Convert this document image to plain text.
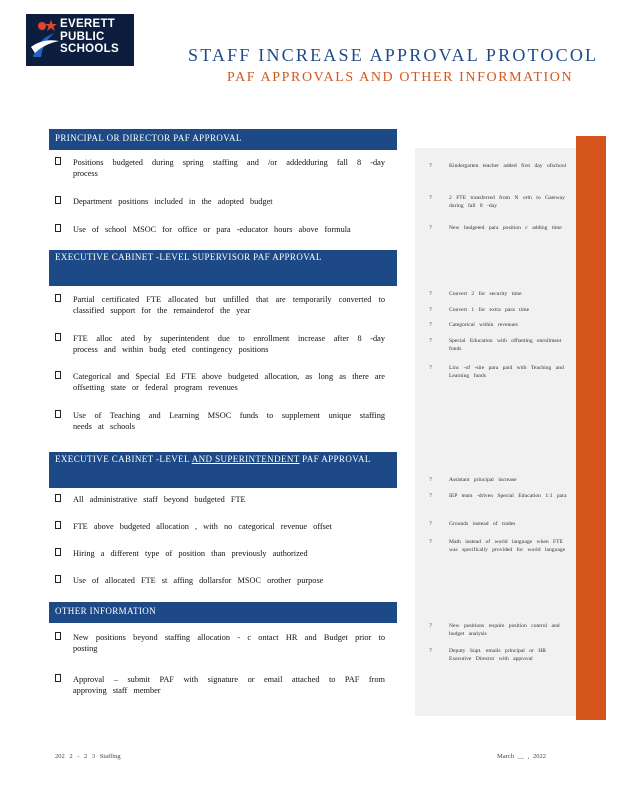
EVERETT
PUBLIC
SCHOOLS	STAFF INCREASE APPROVAL PROTOCOL
PAF APPROVALS AND OTHER INFORMATION
PRINCIPAL OR DIRECTOR PAF APPROVAL
Positions budgeted during spring staffing and /or addedduring fall 8 -day process
Department positions included in the adopted budget
Use of school MSOC for office or para -educator hours above formula
EXECUTIVE CABINET -LEVEL SUPERVISOR PAF APPROVAL
Partial certificated FTE allocated but unfilled that are temporarily converted to classified support for the remainderof the year
FTE alloc ated by superintendent due to enrollment increase after 8 -day process and within budg eted contingency positions
Categorical and Special Ed FTE above budgeted allocation, as long as there are offsetting state or federal program revenues
Use of Teaching and Learning MSOC funds to supplement unique staffing needs at schools
EXECUTIVE CABINET -LEVEL AND SUPERINTENDENT PAF APPROVAL
All administrative staff beyond budgeted FTE
FTE above budgeted allocation , with no categorical revenue offset
Hiring a different type of position than previously authorized
Use of allocated FTE st affing dollarsfor MSOC orother purpose
OTHER INFORMATION
New positions beyond staffing allocation - c ontact HR and Budget prior to posting
Approval – submit PAF with signature or email attached to PAF from approving staff member
?	Kindergarten teacher added first day ofschool
?	2 FTE transferred from N orth to Gateway during fall 8 -day
?	New budgeted para position c adding time
?	Convert 2 for security time
?	Convert 1 for extra para time
?	Categorical within revenues
?	Special Education with offsetting enrollment funds
?	Linc -of -site para paid with Teaching and Learning funds
?	Assistant principal increase
?	IEP team -driven Special Education 1:1 para
?	Grounds instead of trades
?	Math instead of world language when FTE was specifically provided for world language
?	New positions require position control and budget analysis
?	Deputy Supt. emails principal or HR Executive Director with approval
202 2 - 2 3 Staffing	March __ , 2022
